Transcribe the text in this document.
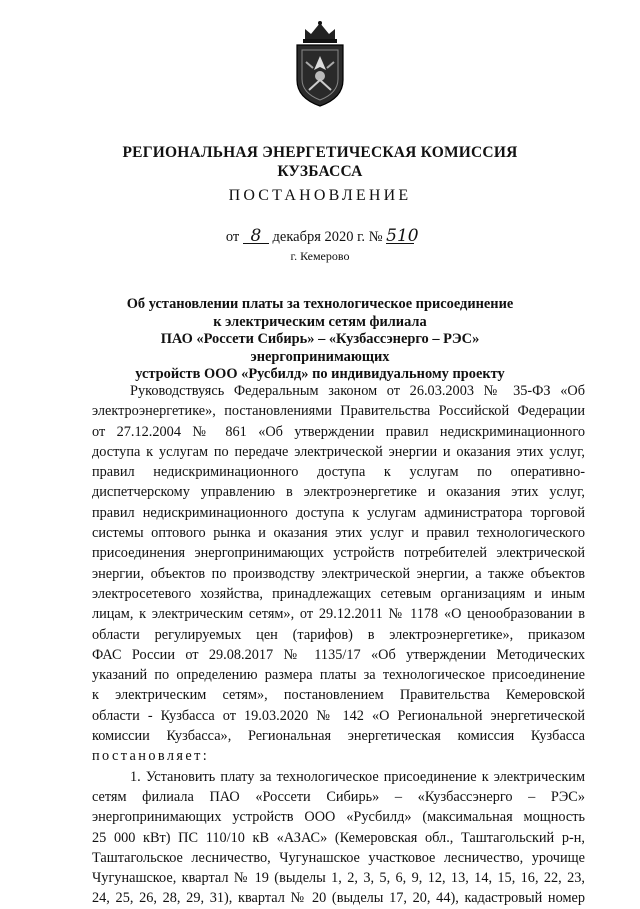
РЕГИОНАЛЬНАЯ ЭНЕРГЕТИЧЕСКАЯ КОМИССИЯ
КУЗБАССА
ПОСТАНОВЛЕНИЕ
от 8 декабря 2020 г. № 510
г. Кемерово
Об установлении платы за технологическое присоединение
к электрическим сетям филиала
ПАО «Россети Сибирь» – «Кузбассэнерго – РЭС» энергопринимающих
устройств ООО «Русбилд» по индивидуальному проекту
Руководствуясь Федеральным законом от 26.03.2003 № 35-ФЗ «Об
электроэнергетике», постановлениями Правительства Российской Федерации
от 27.12.2004 № 861 «Об утверждении правил недискриминационного
доступа к услугам по передаче электрической энергии и оказания этих услуг,
правил недискриминационного доступа к услугам по оперативно-
диспетчерскому управлению в электроэнергетике и оказания этих услуг,
правил недискриминационного доступа к услугам администратора торговой
системы оптового рынка и оказания этих услуг и правил технологического
присоединения энергопринимающих устройств потребителей электрической
энергии, объектов по производству электрической энергии, а также объектов
электросетевого хозяйства, принадлежащих сетевым организациям и иным
лицам, к электрическим сетям», от 29.12.2011 № 1178 «О ценообразовании в
области регулируемых цен (тарифов) в электроэнергетике», приказом
ФАС России от 29.08.2017 № 1135/17 «Об утверждении Методических
указаний по определению размера платы за технологическое присоединение
к электрическим сетям», постановлением Правительства Кемеровской
области - Кузбасса от 19.03.2020 № 142 «О Региональной энергетической
комиссии Кузбасса», Региональная энергетическая комиссия Кузбасса
постановляет:
1. Установить плату за технологическое присоединение к электрическим
сетям филиала ПАО «Россети Сибирь» – «Кузбассэнерго – РЭС»
энергопринимающих устройств ООО «Русбилд» (максимальная мощность
25 000 кВт) ПС 110/10 кВ «АЗАС» (Кемеровская обл., Таштагольский р-н,
Таштагольское лесничество, Чугунашское участковое лесничество, урочище
Чугунашское, квартал № 19 (выделы 1, 2, 3, 5, 6, 9, 12, 13, 14, 15, 16, 22, 23,
24, 25, 26, 28, 29, 31), квартал № 20 (выделы 17, 20, 44), кадастровый номер
